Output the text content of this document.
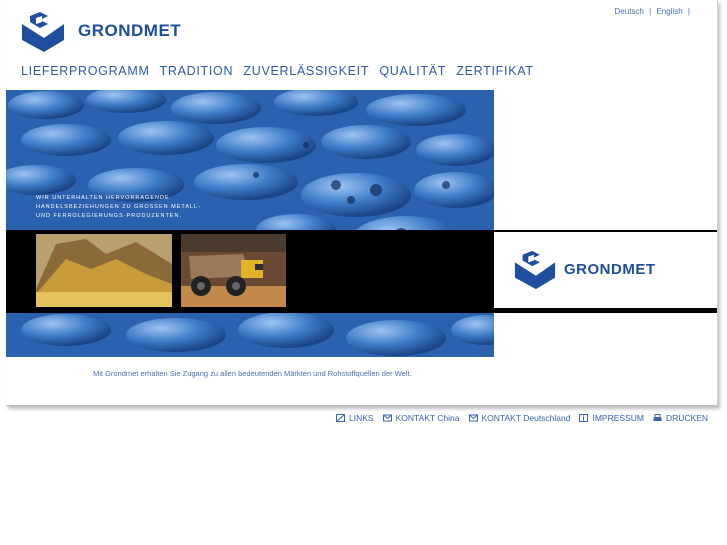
Deutsch | English |
GRONDMET
LIEFERPROGRAMM TRADITION ZUVERLÄSSIGKEIT QUALITÄT ZERTIFIKAT
WIR UNTERHALTEN HERVORRAGENDE
HANDELSBEZIEHUNGEN ZU GROSSEN METALL-
UND FERROLEGIERUNGS-PRODUZENTEN.
GRONDMET
Mit Grondmet erhalten Sie Zugang zu allen bedeutenden Märkten und Rohstoffquellen der Welt.
LINKS	KONTAKT China	KONTAKT Deutschland	IMPRESSUM	DRUCKEN
